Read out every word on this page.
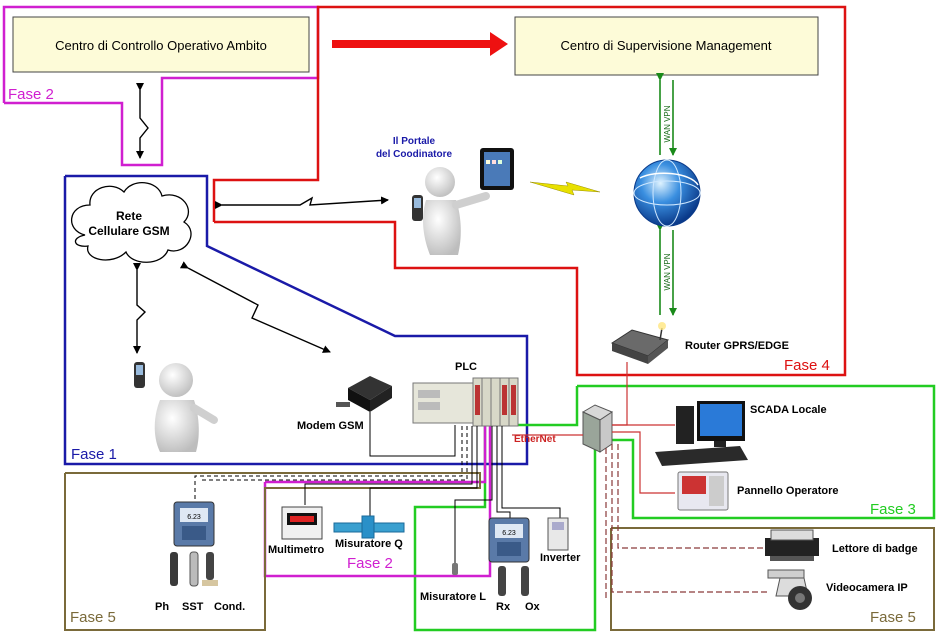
Centro di Controllo Operativo Ambito	Centro di Supervisione Management
Fase 2
Fase 4
Fase 1
Fase 3
Fase 2
Fase 5	Fase 5
Rete
Cellulare GSM
WAN VPN
WAN VPN
Il Portale
del Coodinatore
Router GPRS/EDGE
EtherNet
SCADA Locale
Pannello Operatore
Lettore di badge
Videocamera IP
Modem GSM
PLC
Multimetro Misuratore Q
6.23
Ph SST Cond.
Misuratore L
6.23
Rx Ox
Inverter
